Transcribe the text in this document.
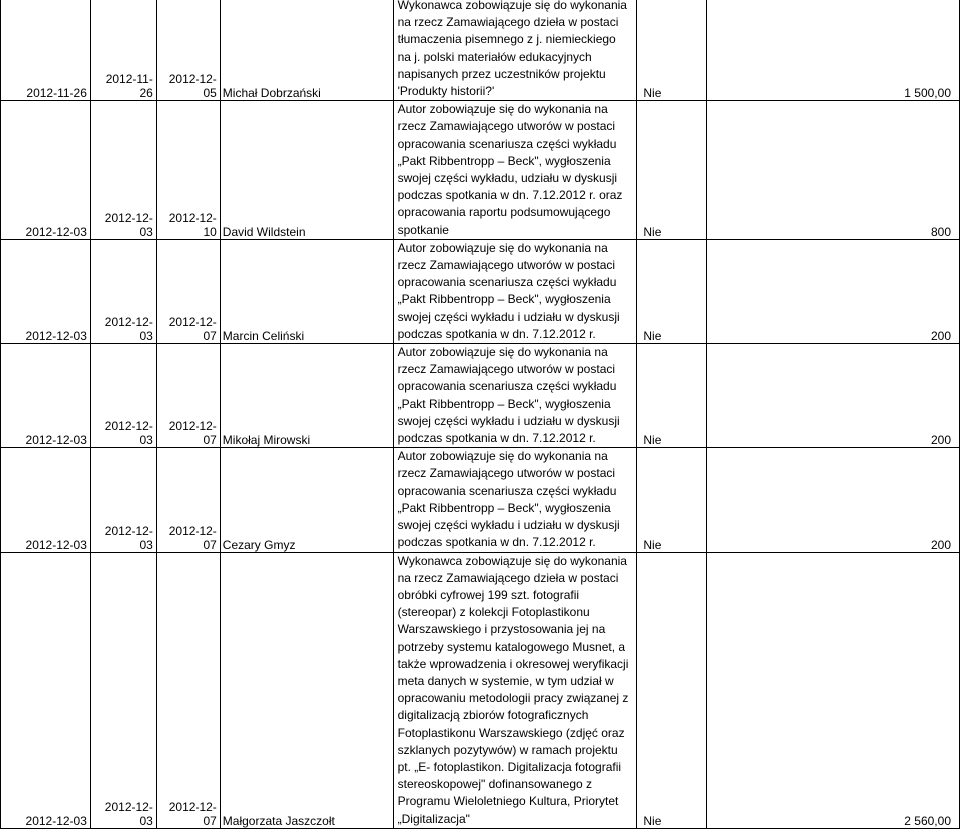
2012-11-26	2012-11-26	2012-12-05	Michał Dobrzański	Wykonawca zobowiązuje się do wykonania na rzecz Zamawiającego dzieła w postaci tłumaczenia pisemnego z j. niemieckiego na j. polski materiałów edukacyjnych napisanych przez uczestników projektu 'Produkty historii?'	Nie	1 500,00
2012-12-03	2012-12-03	2012-12-10	David Wildstein	Autor zobowiązuje się do wykonania na rzecz Zamawiającego utworów w postaci opracowania scenariusza części wykładu „Pakt Ribbentropp – Beck", wygłoszenia swojej części wykładu, udziału w dyskusji podczas spotkania w dn. 7.12.2012 r. oraz opracowania raportu podsumowującego spotkanie	Nie	800
2012-12-03	2012-12-03	2012-12-07	Marcin Celiński	Autor zobowiązuje się do wykonania na rzecz Zamawiającego utworów w postaci opracowania scenariusza części wykładu „Pakt Ribbentropp – Beck", wygłoszenia swojej części wykładu i udziału w dyskusji podczas spotkania w dn. 7.12.2012 r.	Nie	200
2012-12-03	2012-12-03	2012-12-07	Mikołaj Mirowski	Autor zobowiązuje się do wykonania na rzecz Zamawiającego utworów w postaci opracowania scenariusza części wykładu „Pakt Ribbentropp – Beck", wygłoszenia swojej części wykładu i udziału w dyskusji podczas spotkania w dn. 7.12.2012 r.	Nie	200
2012-12-03	2012-12-03	2012-12-07	Cezary Gmyz	Autor zobowiązuje się do wykonania na rzecz Zamawiającego utworów w postaci opracowania scenariusza części wykładu „Pakt Ribbentropp – Beck", wygłoszenia swojej części wykładu i udziału w dyskusji podczas spotkania w dn. 7.12.2012 r.	Nie	200
2012-12-03	2012-12-03	2012-12-07	Małgorzata Jaszczołt	Wykonawca zobowiązuje się do wykonania na rzecz Zamawiającego dzieła w postaci obróbki cyfrowej 199 szt. fotografii (stereopar) z kolekcji Fotoplastikonu Warszawskiego i przystosowania jej na potrzeby systemu katalogowego Musnet, a także wprowadzenia i okresowej weryfikacji meta danych w systemie, w tym udział w opracowaniu metodologii pracy związanej z digitalizacją zbiorów fotograficznych Fotoplastikonu Warszawskiego (zdjęć oraz szklanych pozytywów) w ramach projektu pt. „E- fotoplastikon. Digitalizacja fotografii stereoskopowej" dofinansowanego z Programu Wieloletniego Kultura, Priorytet „Digitalizacja"	Nie	2 560,00
